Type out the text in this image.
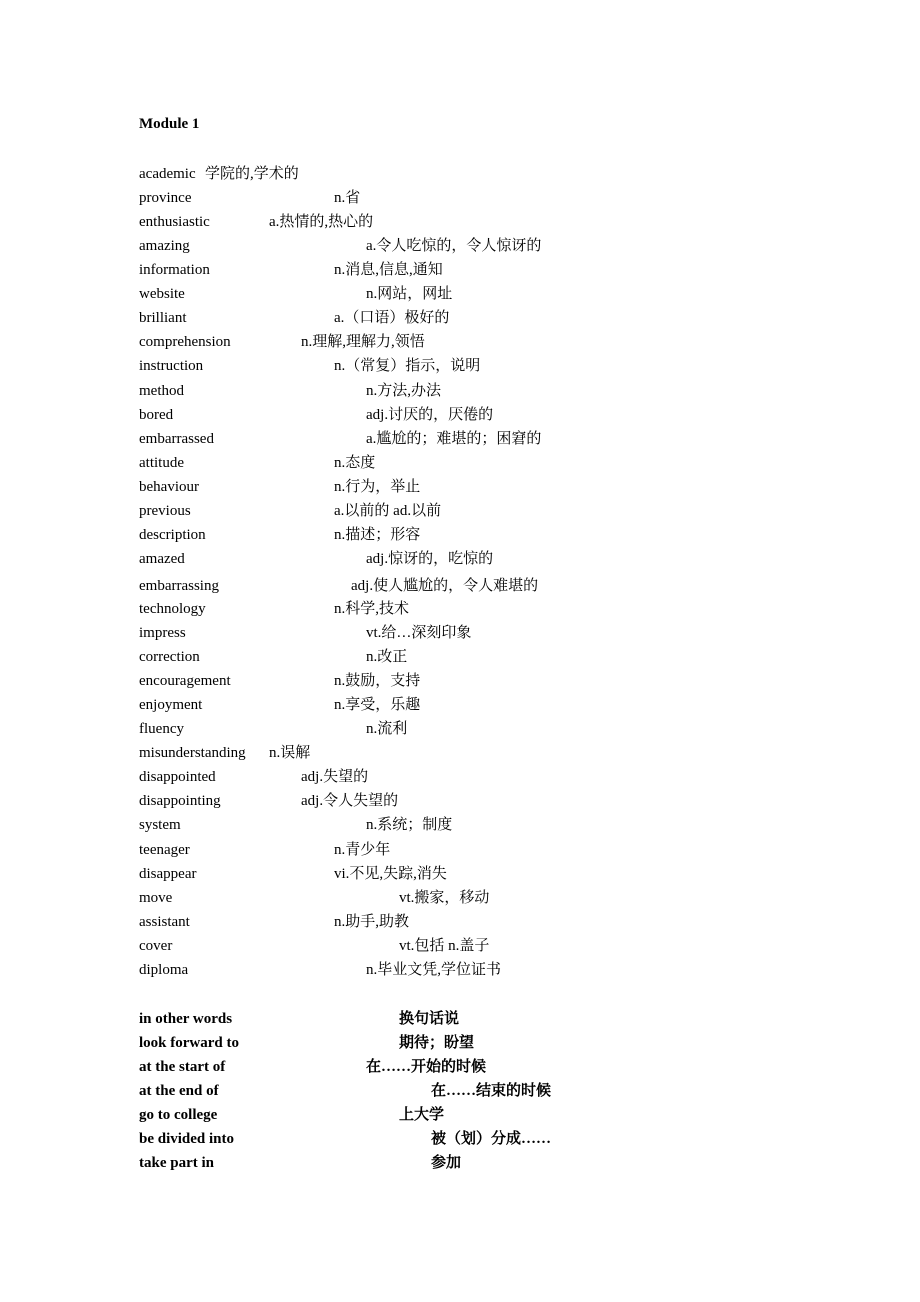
Module 1
academic 学院的,学术的
province	n.省
enthusiastic	a.热情的,热心的
amazing	a.令人吃惊的，令人惊讶的
information	n.消息,信息,通知
website	n.网站，网址
brilliant	a.（口语）极好的
comprehension	n.理解,理解力,领悟
instruction	n.（常复）指示，说明
method	n.方法,办法
bored	adj.讨厌的，厌倦的
embarrassed	a.尴尬的；难堪的；困窘的
attitude	n.态度
behaviour	n.行为，举止
previous	a.以前的 ad.以前
description	n.描述；形容
amazed	adj.惊讶的，吃惊的
embarrassing	adj.使人尴尬的，令人难堪的
technology	n.科学,技术
impress	vt.给…深刻印象
correction	n.改正
encouragement	n.鼓励，支持
enjoyment	n.享受，乐趣
fluency	n.流利
misunderstanding n.误解
disappointed	adj.失望的
disappointing	adj.令人失望的
system	n.系统；制度
teenager	n.青少年
disappear	vi.不见,失踪,消失
move	vt.搬家，移动
assistant	n.助手,助教
cover	vt.包括 n.盖子
diploma	n.毕业文凭,学位证书
in other words	换句话说
look forward to	期待；盼望
at the start of	在……开始的时候
at the end of	在……结束的时候
go to college	上大学
be divided into	被（划）分成……
take part in	参加
